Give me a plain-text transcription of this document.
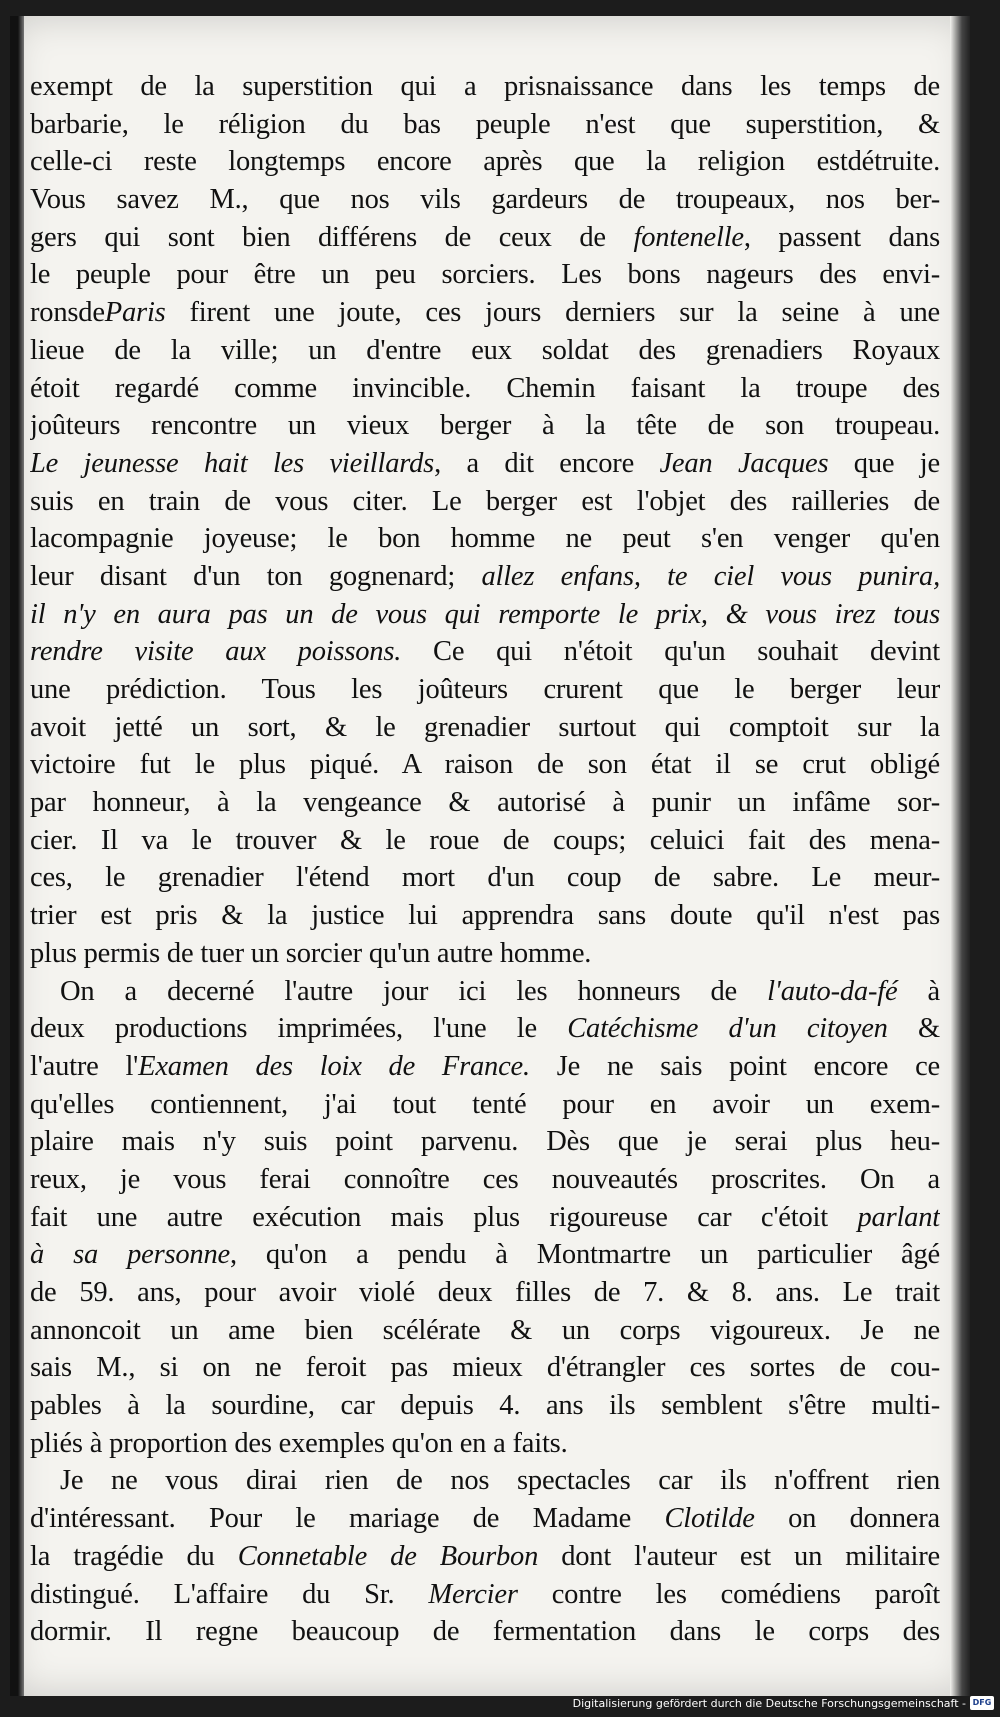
exempt de la superstition qui a prisnaissance dans les temps de
barbarie, le réligion du bas peuple n'est que superstition, &
celle-ci reste longtemps encore après que la religion estdétruite.
Vous savez M., que nos vils gardeurs de troupeaux, nos ber-
gers qui sont bien différens de ceux de fontenelle, passent dans
le peuple pour être un peu sorciers. Les bons nageurs des envi-
ronsdeParis firent une joute, ces jours derniers sur la seine à une
lieue de la ville; un d'entre eux soldat des grenadiers Royaux
étoit regardé comme invincible. Chemin faisant la troupe des
joûteurs rencontre un vieux berger à la tête de son troupeau.
Le jeunesse hait les vieillards, a dit encore Jean Jacques que je
suis en train de vous citer. Le berger est l'objet des railleries de
lacompagnie joyeuse; le bon homme ne peut s'en venger qu'en
leur disant d'un ton gognenard; allez enfans, te ciel vous punira,
il n'y en aura pas un de vous qui remporte le prix, & vous irez tous
rendre visite aux poissons. Ce qui n'étoit qu'un souhait devint
une prédiction. Tous les joûteurs crurent que le berger leur
avoit jetté un sort, & le grenadier surtout qui comptoit sur la
victoire fut le plus piqué. A raison de son état il se crut obligé
par honneur, à la vengeance & autorisé à punir un infâme sor-
cier. Il va le trouver & le roue de coups; celuici fait des mena-
ces, le grenadier l'étend mort d'un coup de sabre. Le meur-
trier est pris & la justice lui apprendra sans doute qu'il n'est pas
plus permis de tuer un sorcier qu'un autre homme.
On a decerné l'autre jour ici les honneurs de l'auto-da-fé à
deux productions imprimées, l'une le Catéchisme d'un citoyen &
l'autre l'Examen des loix de France. Je ne sais point encore ce
qu'elles contiennent, j'ai tout tenté pour en avoir un exem-
plaire mais n'y suis point parvenu. Dès que je serai plus heu-
reux, je vous ferai connoître ces nouveautés proscrites. On a
fait une autre exécution mais plus rigoureuse car c'étoit parlant
à sa personne, qu'on a pendu à Montmartre un particulier âgé
de 59. ans, pour avoir violé deux filles de 7. & 8. ans. Le trait
annoncoit un ame bien scélérate & un corps vigoureux. Je ne
sais M., si on ne feroit pas mieux d'étrangler ces sortes de cou-
pables à la sourdine, car depuis 4. ans ils semblent s'être multi-
pliés à proportion des exemples qu'on en a faits.
Je ne vous dirai rien de nos spectacles car ils n'offrent rien
d'intéressant. Pour le mariage de Madame Clotilde on donnera
la tragédie du Connetable de Bourbon dont l'auteur est un militaire
distingué. L'affaire du Sr. Mercier contre les comédiens paroît
dormir. Il regne beaucoup de fermentation dans le corps des
Digitalisierung gefördert durch die Deutsche Forschungsgemeinschaft - DFG
